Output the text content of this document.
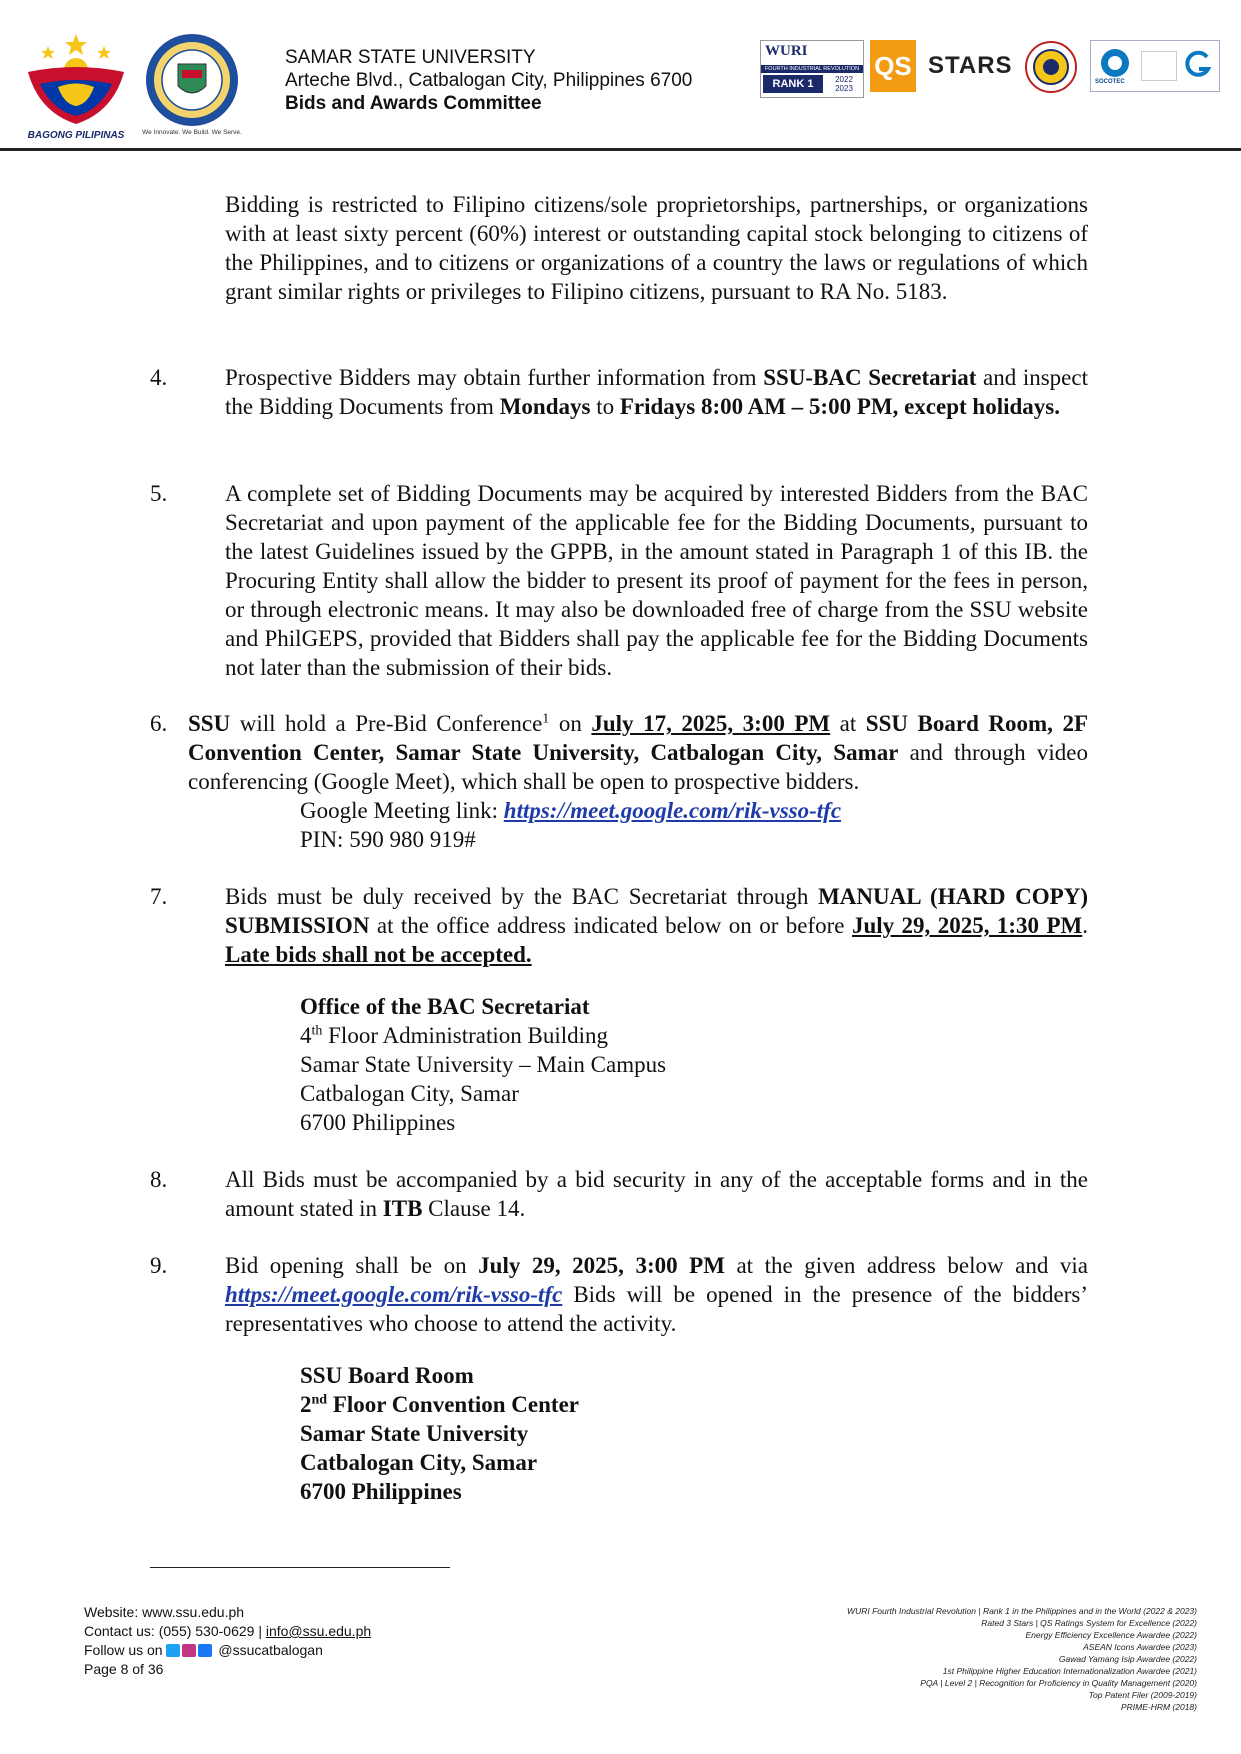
BAGONG PILIPINAS	We Innovate. We Build. We Serve.
SAMAR STATE UNIVERSITY
Arteche Blvd., Catbalogan City, Philippines 6700
Bids and Awards Committee
WURI
FOURTH INDUSTRIAL REVOLUTION
RANK 1	2022 2023
QS STARS
SOCOTEC
Bidding is restricted to Filipino citizens/sole proprietorships, partnerships, or organizations with at least sixty percent (60%) interest or outstanding capital stock belonging to citizens of the Philippines, and to citizens or organizations of a country the laws or regulations of which grant similar rights or privileges to Filipino citizens, pursuant to RA No. 5183.
4.	Prospective Bidders may obtain further information from SSU-BAC Secretariat and inspect the Bidding Documents from Mondays to Fridays 8:00 AM – 5:00 PM, except holidays.
5.	A complete set of Bidding Documents may be acquired by interested Bidders from the BAC Secretariat and upon payment of the applicable fee for the Bidding Documents, pursuant to the latest Guidelines issued by the GPPB, in the amount stated in Paragraph 1 of this IB. the Procuring Entity shall allow the bidder to present its proof of payment for the fees in person, or through electronic means. It may also be downloaded free of charge from the SSU website and PhilGEPS, provided that Bidders shall pay the applicable fee for the Bidding Documents not later than the submission of their bids.
6. SSU will hold a Pre-Bid Conference$^1$ on July 17, 2025, 3:00 PM at SSU Board Room, 2F Convention Center, Samar State University, Catbalogan City, Samar and through video conferencing (Google Meet), which shall be open to prospective bidders.
Google Meeting link: https://meet.google.com/rik-vsso-tfc
PIN: 590 980 919#
7.	Bids must be duly received by the BAC Secretariat through MANUAL (HARD COPY) SUBMISSION at the office address indicated below on or before July 29, 2025, 1:30 PM. Late bids shall not be accepted.
Office of the BAC Secretariat
4th Floor Administration Building
Samar State University – Main Campus
Catbalogan City, Samar
6700 Philippines
8.	All Bids must be accompanied by a bid security in any of the acceptable forms and in the amount stated in ITB Clause 14.
9.	Bid opening shall be on July 29, 2025, 3:00 PM at the given address below and via https://meet.google.com/rik-vsso-tfc Bids will be opened in the presence of the bidders’ representatives who choose to attend the activity.
SSU Board Room
2nd Floor Convention Center
Samar State University
Catbalogan City, Samar
6700 Philippines
Website: www.ssu.edu.ph
Contact us: (055) 530-0629 | info@ssu.edu.ph
Follow us on	@ssucatbalogan
Page 8 of 36
WURI Fourth Industrial Revolution | Rank 1 in the Philippines and in the World (2022 & 2023)
Rated 3 Stars | QS Ratings System for Excellence (2022)
Energy Efficiency Excellence Awardee (2022)
ASEAN Icons Awardee (2023)
Gawad Yamang Isip Awardee (2022)
1st Philippine Higher Education Internationalization Awardee (2021)
PQA | Level 2 | Recognition for Proficiency in Quality Management (2020)
Top Patent Filer (2009-2019)
PRIME-HRM (2018)
